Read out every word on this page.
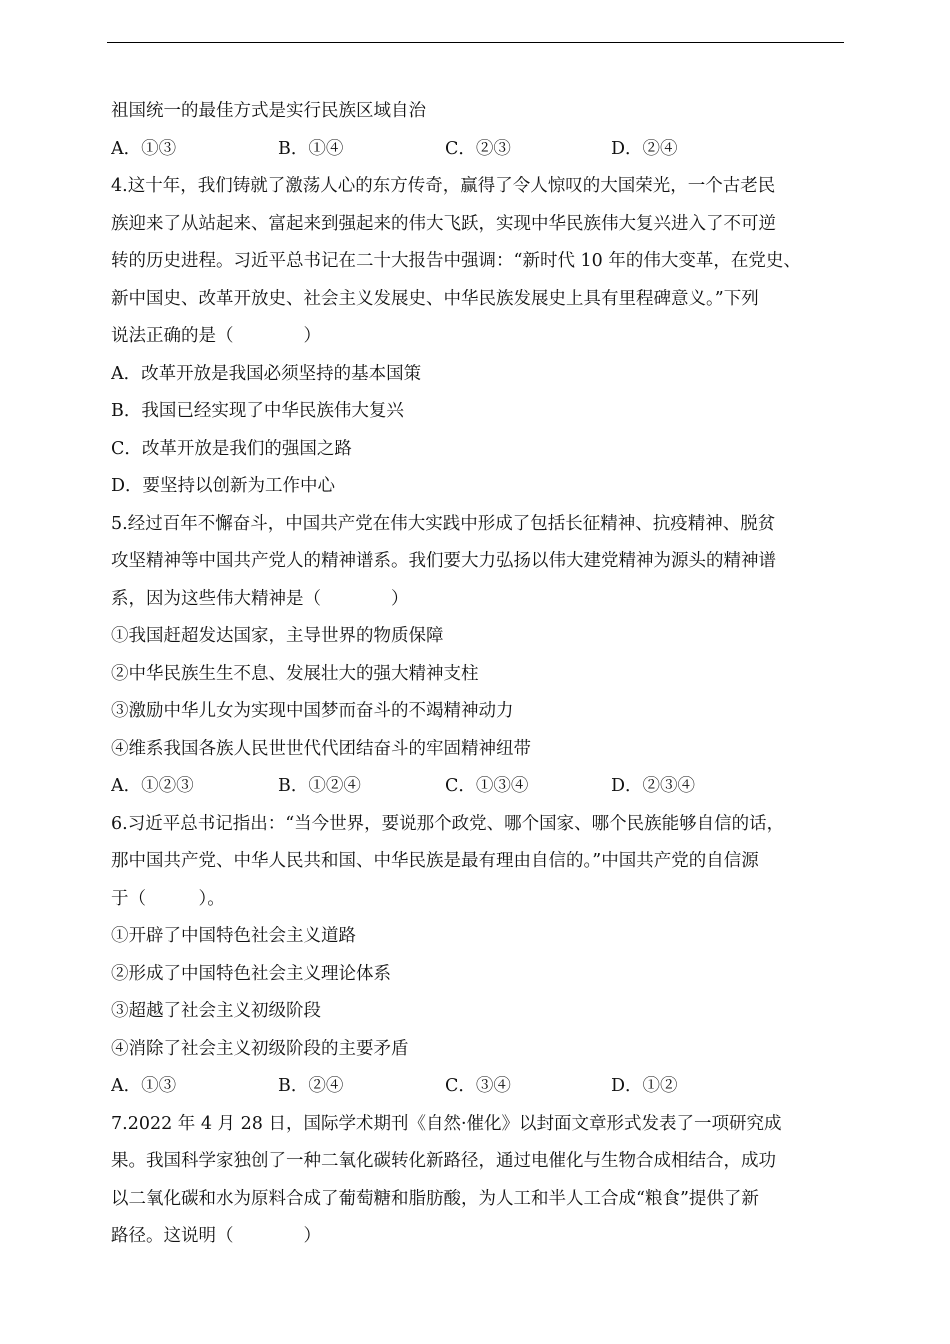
祖国统一的最佳方式是实行民族区域自治
A．①③	B．①④	C．②③	D．②④
4.这十年，我们铸就了激荡人心的东方传奇，赢得了令人惊叹的大国荣光，一个古老民
族迎来了从站起来、富起来到强起来的伟大飞跃，实现中华民族伟大复兴进入了不可逆
转的历史进程。习近平总书记在二十大报告中强调：“新时代 10 年的伟大变革，在党史、
新中国史、改革开放史、社会主义发展史、中华民族发展史上具有里程碑意义。”下列
说法正确的是（　　　　）
A．改革开放是我国必须坚持的基本国策
B．我国已经实现了中华民族伟大复兴
C．改革开放是我们的强国之路
D．要坚持以创新为工作中心
5.经过百年不懈奋斗，中国共产党在伟大实践中形成了包括长征精神、抗疫精神、脱贫
攻坚精神等中国共产党人的精神谱系。我们要大力弘扬以伟大建党精神为源头的精神谱
系，因为这些伟大精神是（　　　　）
①我国赶超发达国家，主导世界的物质保障
②中华民族生生不息、发展壮大的强大精神支柱
③激励中华儿女为实现中国梦而奋斗的不竭精神动力
④维系我国各族人民世世代代团结奋斗的牢固精神纽带
A．①②③	B．①②④	C．①③④	D．②③④
6.习近平总书记指出：“当今世界，要说那个政党、哪个国家、哪个民族能够自信的话，
那中国共产党、中华人民共和国、中华民族是最有理由自信的。”中国共产党的自信源
于（　　　）。
①开辟了中国特色社会主义道路
②形成了中国特色社会主义理论体系
③超越了社会主义初级阶段
④消除了社会主义初级阶段的主要矛盾
A．①③	B．②④	C．③④	D．①②
7.2022 年 4 月 28 日，国际学术期刊《自然·催化》以封面文章形式发表了一项研究成
果。我国科学家独创了一种二氧化碳转化新路径，通过电催化与生物合成相结合，成功
以二氧化碳和水为原料合成了葡萄糖和脂肪酸，为人工和半人工合成“粮食”提供了新
路径。这说明（　　　　）
